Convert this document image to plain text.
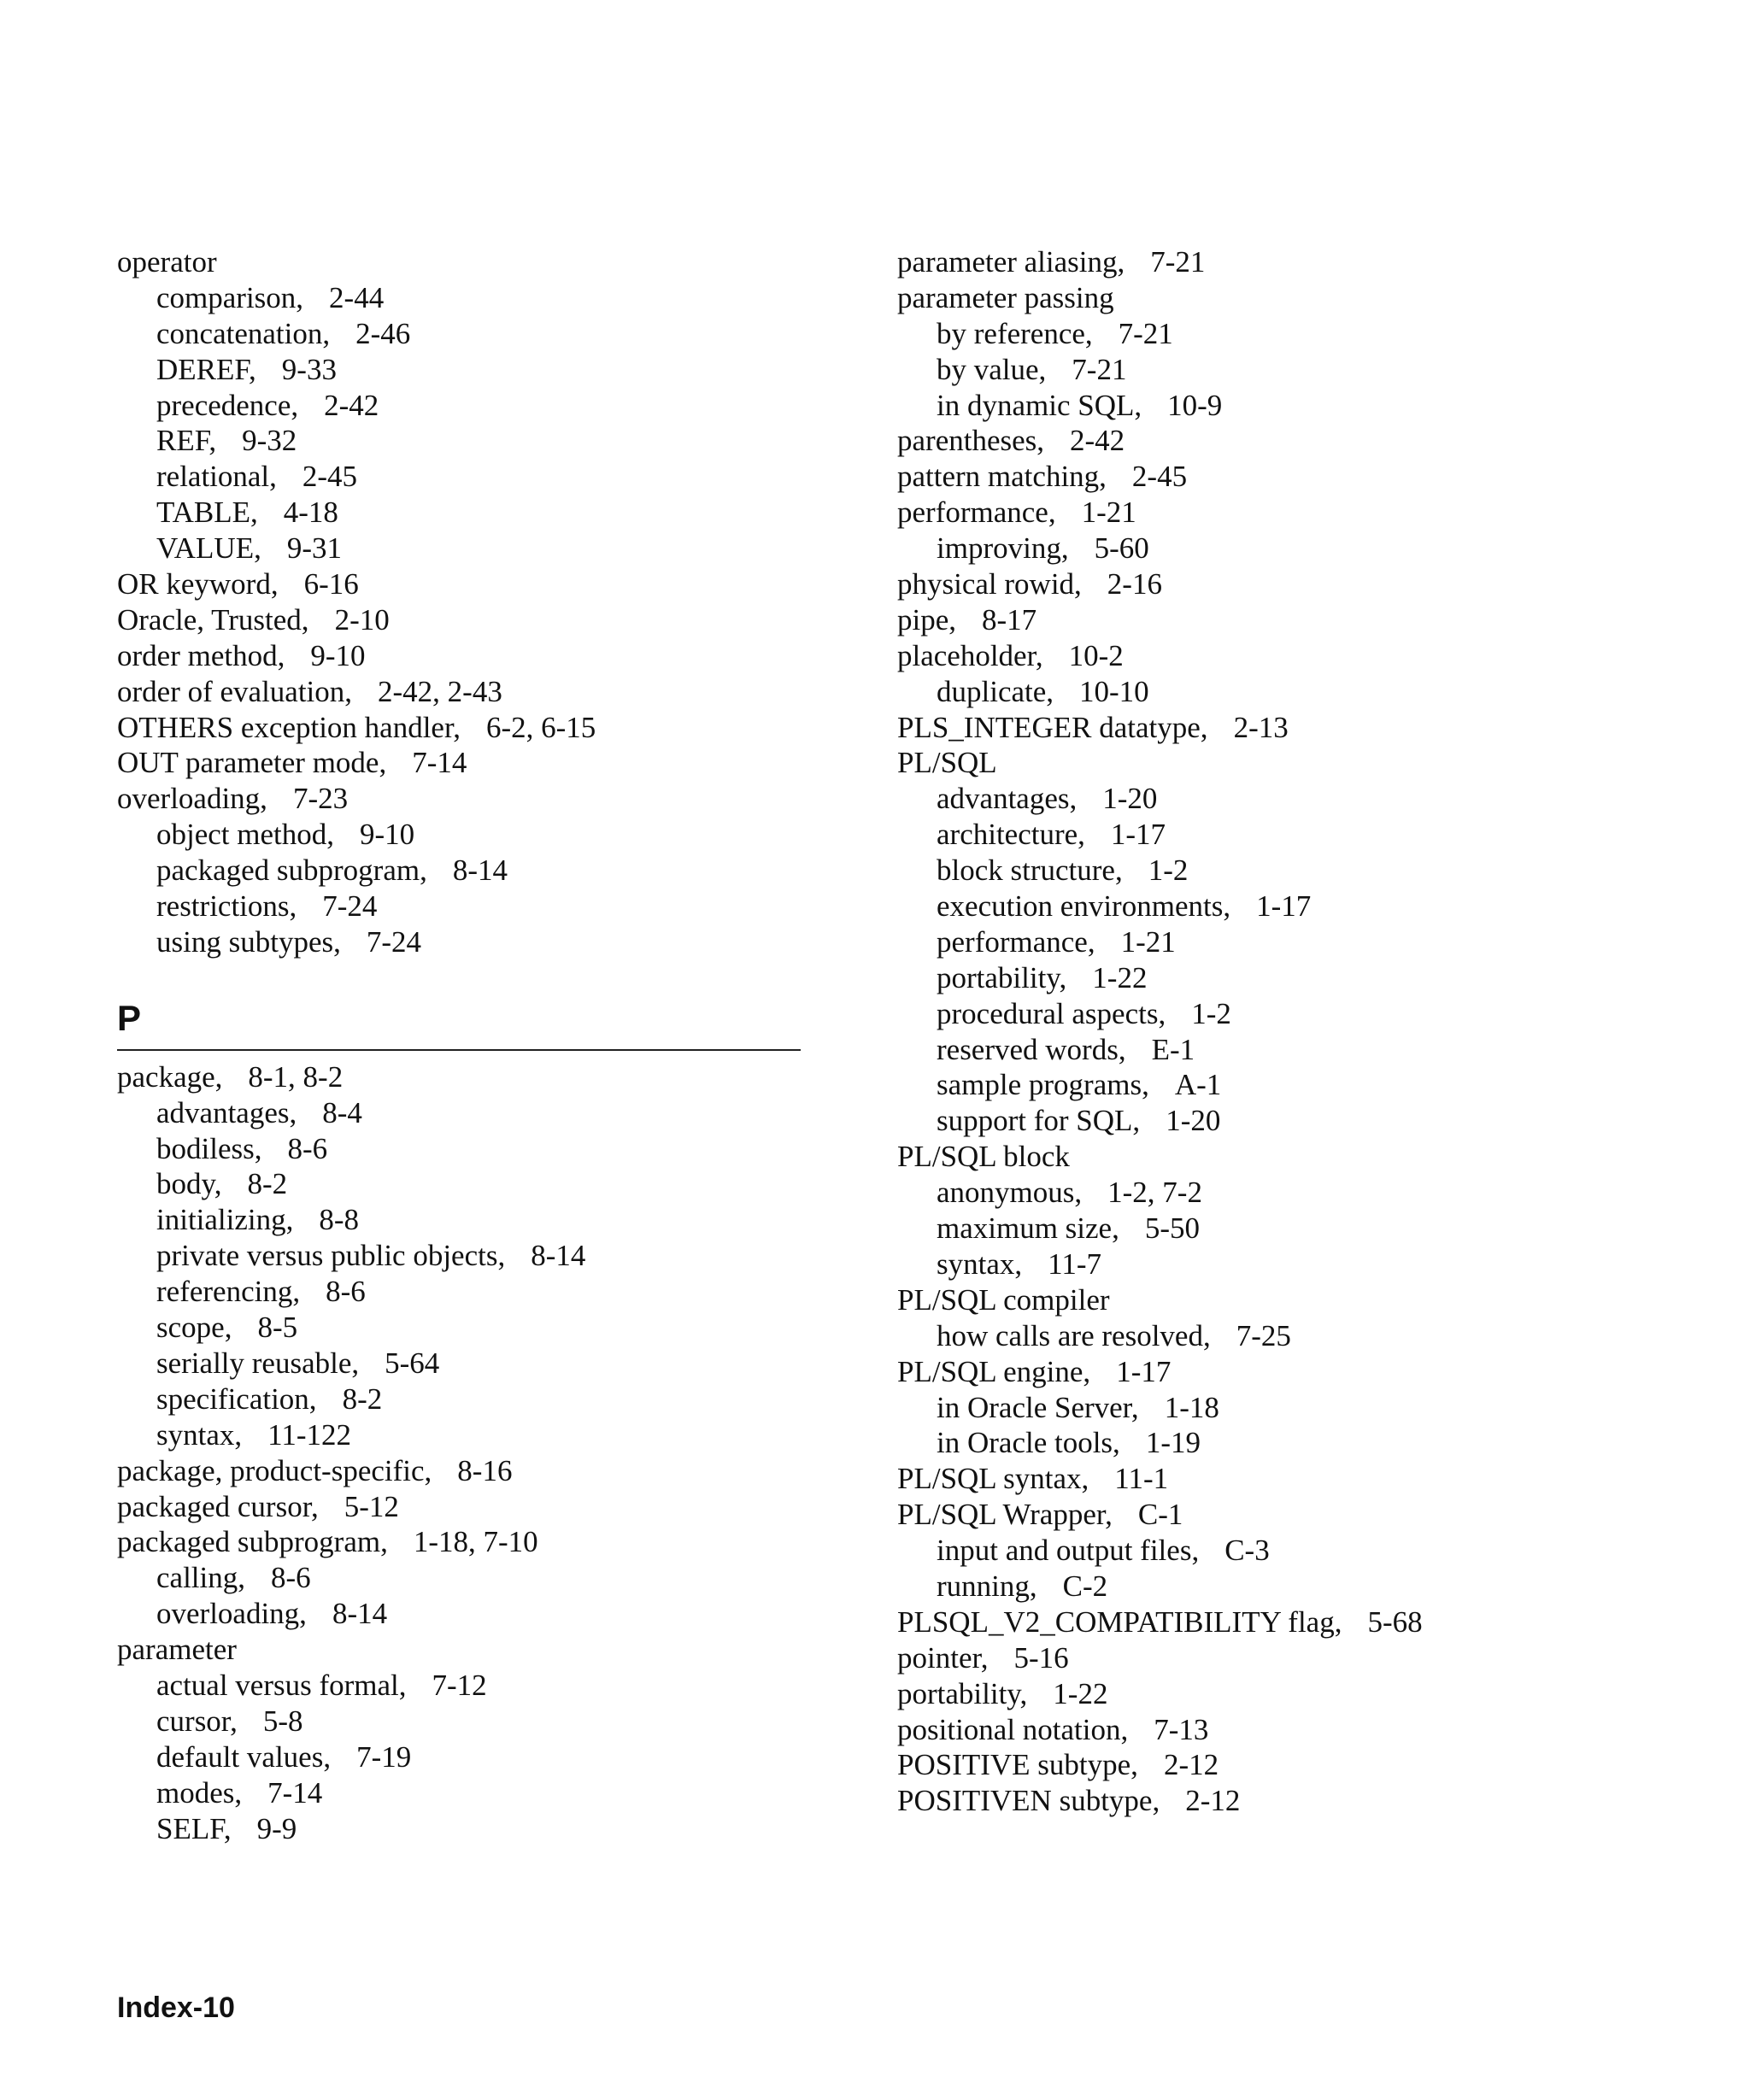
operator
comparison, 2-44
concatenation, 2-46
DEREF, 9-33
precedence, 2-42
REF, 9-32
relational, 2-45
TABLE, 4-18
VALUE, 9-31
OR keyword, 6-16
Oracle, Trusted, 2-10
order method, 9-10
order of evaluation, 2-42, 2-43
OTHERS exception handler, 6-2, 6-15
OUT parameter mode, 7-14
overloading, 7-23
object method, 9-10
packaged subprogram, 8-14
restrictions, 7-24
using subtypes, 7-24
P
package, 8-1, 8-2
advantages, 8-4
bodiless, 8-6
body, 8-2
initializing, 8-8
private versus public objects, 8-14
referencing, 8-6
scope, 8-5
serially reusable, 5-64
specification, 8-2
syntax, 11-122
package, product-specific, 8-16
packaged cursor, 5-12
packaged subprogram, 1-18, 7-10
calling, 8-6
overloading, 8-14
parameter
actual versus formal, 7-12
cursor, 5-8
default values, 7-19
modes, 7-14
SELF, 9-9
parameter aliasing, 7-21
parameter passing
by reference, 7-21
by value, 7-21
in dynamic SQL, 10-9
parentheses, 2-42
pattern matching, 2-45
performance, 1-21
improving, 5-60
physical rowid, 2-16
pipe, 8-17
placeholder, 10-2
duplicate, 10-10
PLS_INTEGER datatype, 2-13
PL/SQL
advantages, 1-20
architecture, 1-17
block structure, 1-2
execution environments, 1-17
performance, 1-21
portability, 1-22
procedural aspects, 1-2
reserved words, E-1
sample programs, A-1
support for SQL, 1-20
PL/SQL block
anonymous, 1-2, 7-2
maximum size, 5-50
syntax, 11-7
PL/SQL compiler
how calls are resolved, 7-25
PL/SQL engine, 1-17
in Oracle Server, 1-18
in Oracle tools, 1-19
PL/SQL syntax, 11-1
PL/SQL Wrapper, C-1
input and output files, C-3
running, C-2
PLSQL_V2_COMPATIBILITY flag, 5-68
pointer, 5-16
portability, 1-22
positional notation, 7-13
POSITIVE subtype, 2-12
POSITIVEN subtype, 2-12
Index-10
